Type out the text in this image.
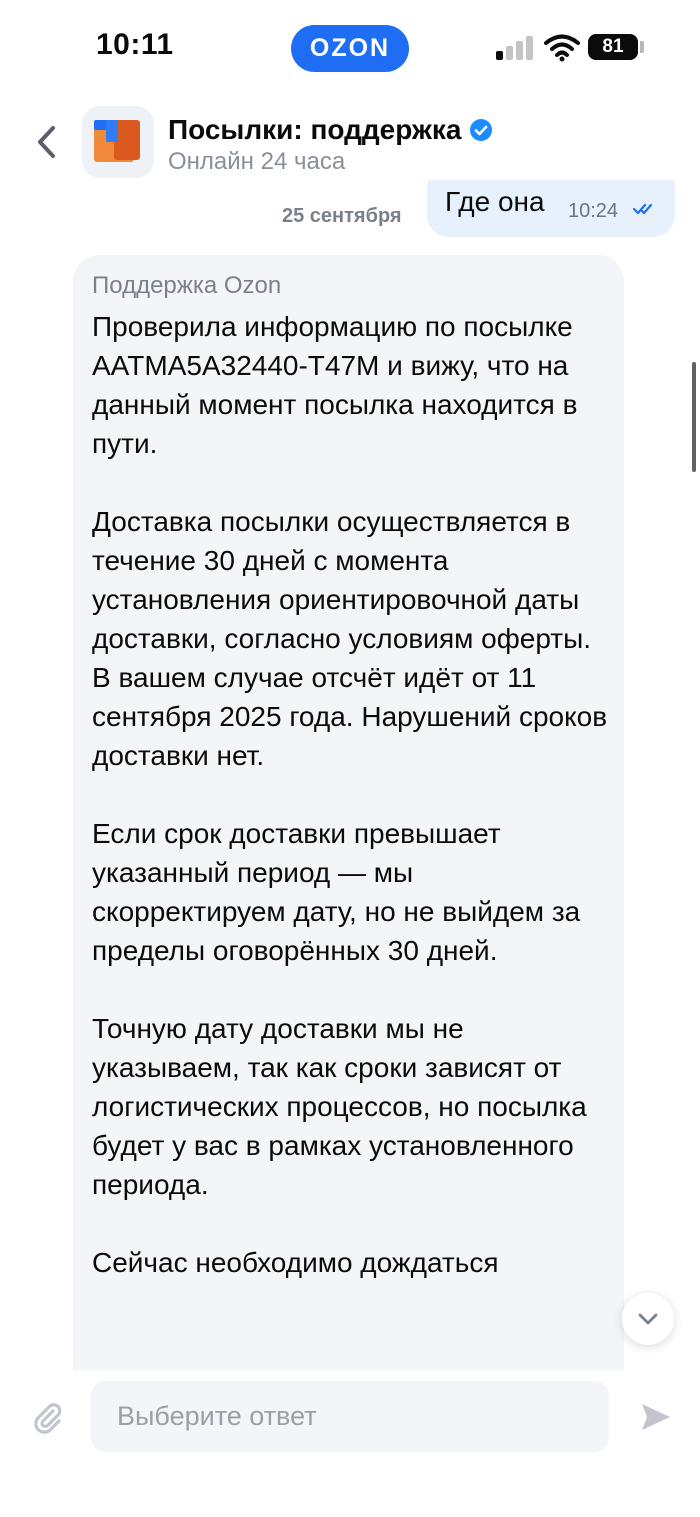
10:11	OZON	81
Посылки: поддержка
Онлайн 24 часа
25 сентября Где она 10:24
Поддержка Ozon

Проверила информацию по посылке AATMA5A32440-T47M и вижу, что на данный момент посылка находится в пути.

Доставка посылки осуществляется в течение 30 дней с момента установления ориентировочной даты доставки, согласно условиям оферты. В вашем случае отсчёт идёт от 11 сентября 2025 года. Нарушений сроков доставки нет.

Если срок доставки превышает указанный период — мы скорректируем дату, но не выйдем за пределы оговорённых 30 дней.

Точную дату доставки мы не указываем, так как сроки зависят от логистических процессов, но посылка будет у вас в рамках установленного периода.

Сейчас необходимо дождаться

Выберите ответ
